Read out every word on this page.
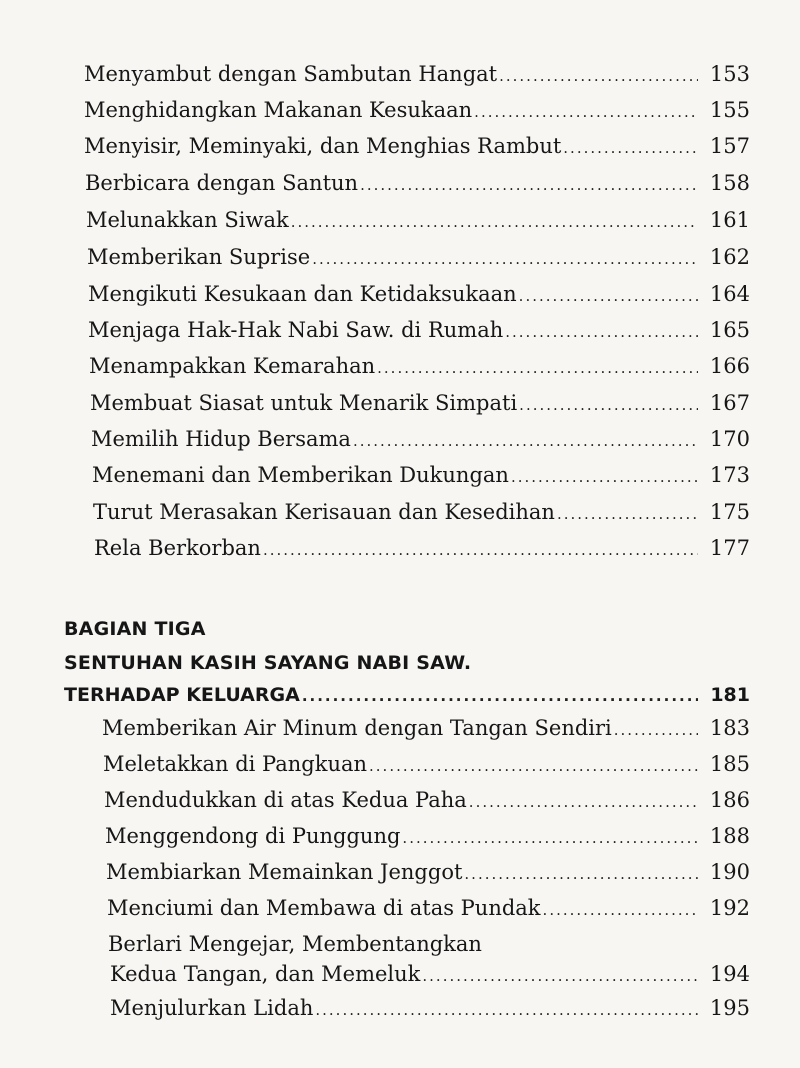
Menyambut dengan Sambutan Hangat .....	153
Menghidangkan Makanan Kesukaan .....	155
Menyisir, Meminyaki, dan Menghias Rambut .....	157
Berbicara dengan Santun .....	158
Melunakkan Siwak .....	161
Memberikan Suprise .....	162
Mengikuti Kesukaan dan Ketidaksukaan .....	164
Menjaga Hak-Hak Nabi Saw. di Rumah .....	165
Menampakkan Kemarahan .....	166
Membuat Siasat untuk Menarik Simpati .....	167
Memilih Hidup Bersama .....	170
Menemani dan Memberikan Dukungan .....	173
Turut Merasakan Kerisauan dan Kesedihan .....	175
Rela Berkorban .....	177
BAGIAN TIGA
SENTUHAN KASIH SAYANG NABI SAW.
TERHADAP KELUARGA .....	181
Memberikan Air Minum dengan Tangan Sendiri .....	183
Meletakkan di Pangkuan .....	185
Mendudukkan di atas Kedua Paha .....	186
Menggendong di Punggung .....	188
Membiarkan Memainkan Jenggot .....	190
Menciumi dan Membawa di atas Pundak .....	192
Berlari Mengejar, Membentangkan
Kedua Tangan, dan Memeluk .....	194
Menjulurkan Lidah .....	195
